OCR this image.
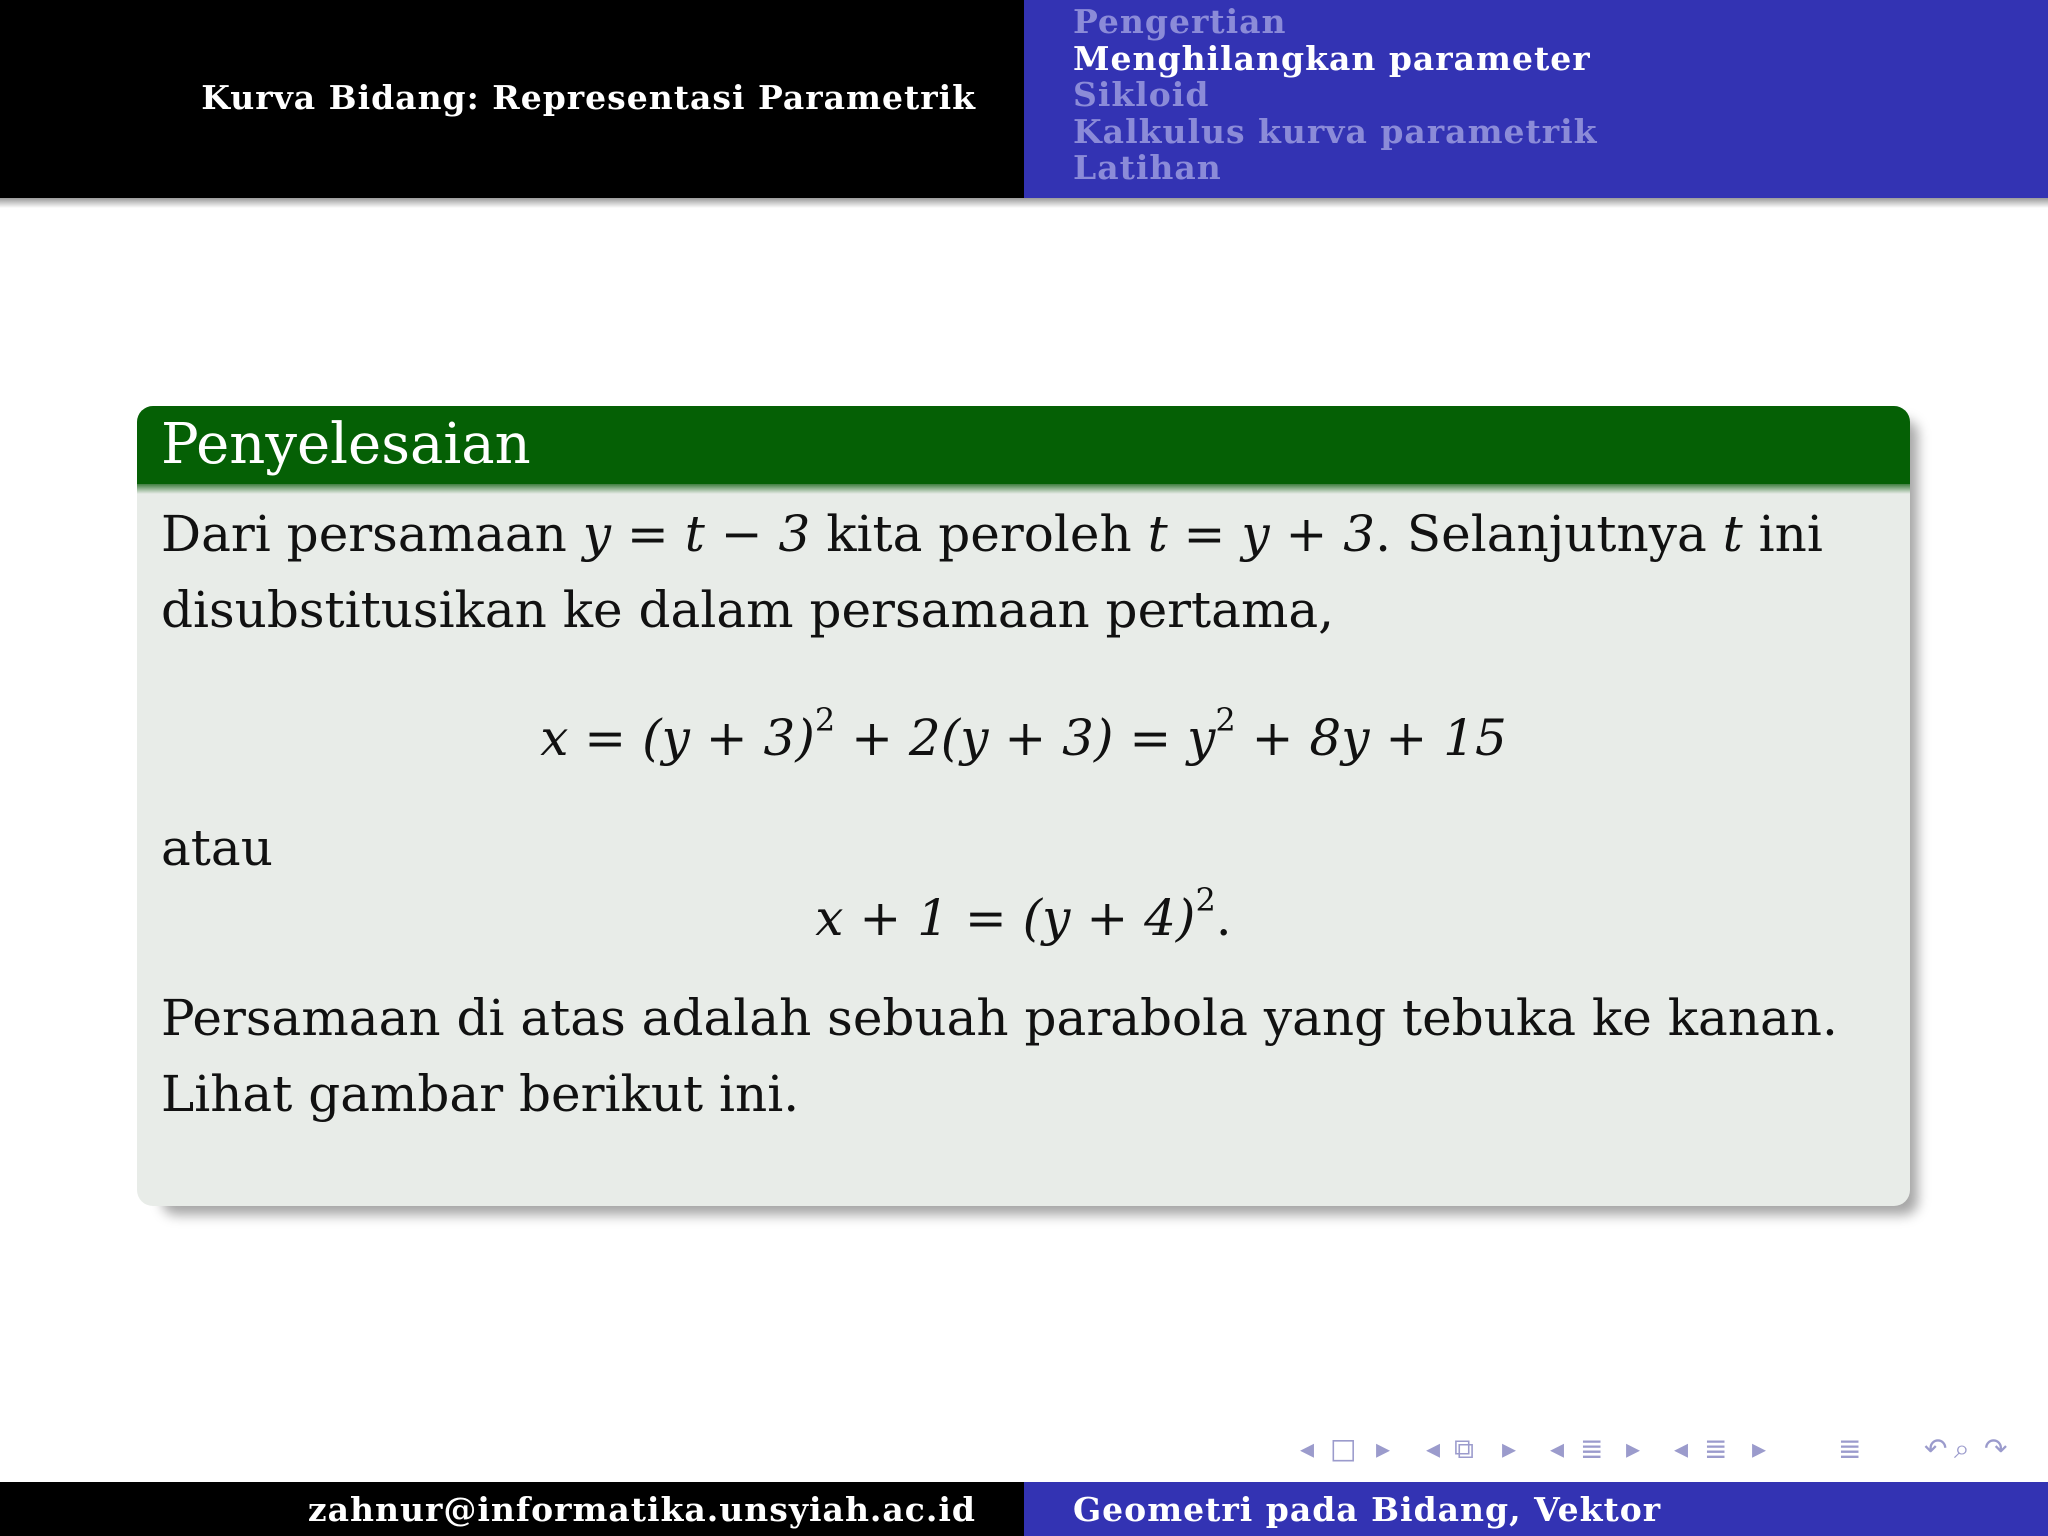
Kurva Bidang: Representasi Parametrik
Pengertian
Menghilangkan parameter
Sikloid
Kalkulus kurva parametrik
Latihan
Penyelesaian

Dari persamaan y = t − 3 kita peroleh t = y + 3. Selanjutnya t ini disubstitusikan ke dalam persamaan pertama,

$x = (y + 3)^2 + 2(y + 3) = y^2 + 8y + 15$

atau

$x + 1 = (y + 4)^2$.

Persamaan di atas adalah sebuah parabola yang tebuka ke kanan. Lihat gambar berikut ini.

◂ □ ▸ ◂ ⧉ ▸ ◂ ≣ ▸ ◂ ≣ ▸	≣ ↶ ⌕ ↷
zahnur@informatika.unsyiah.ac.id	Geometri pada Bidang, Vektor
